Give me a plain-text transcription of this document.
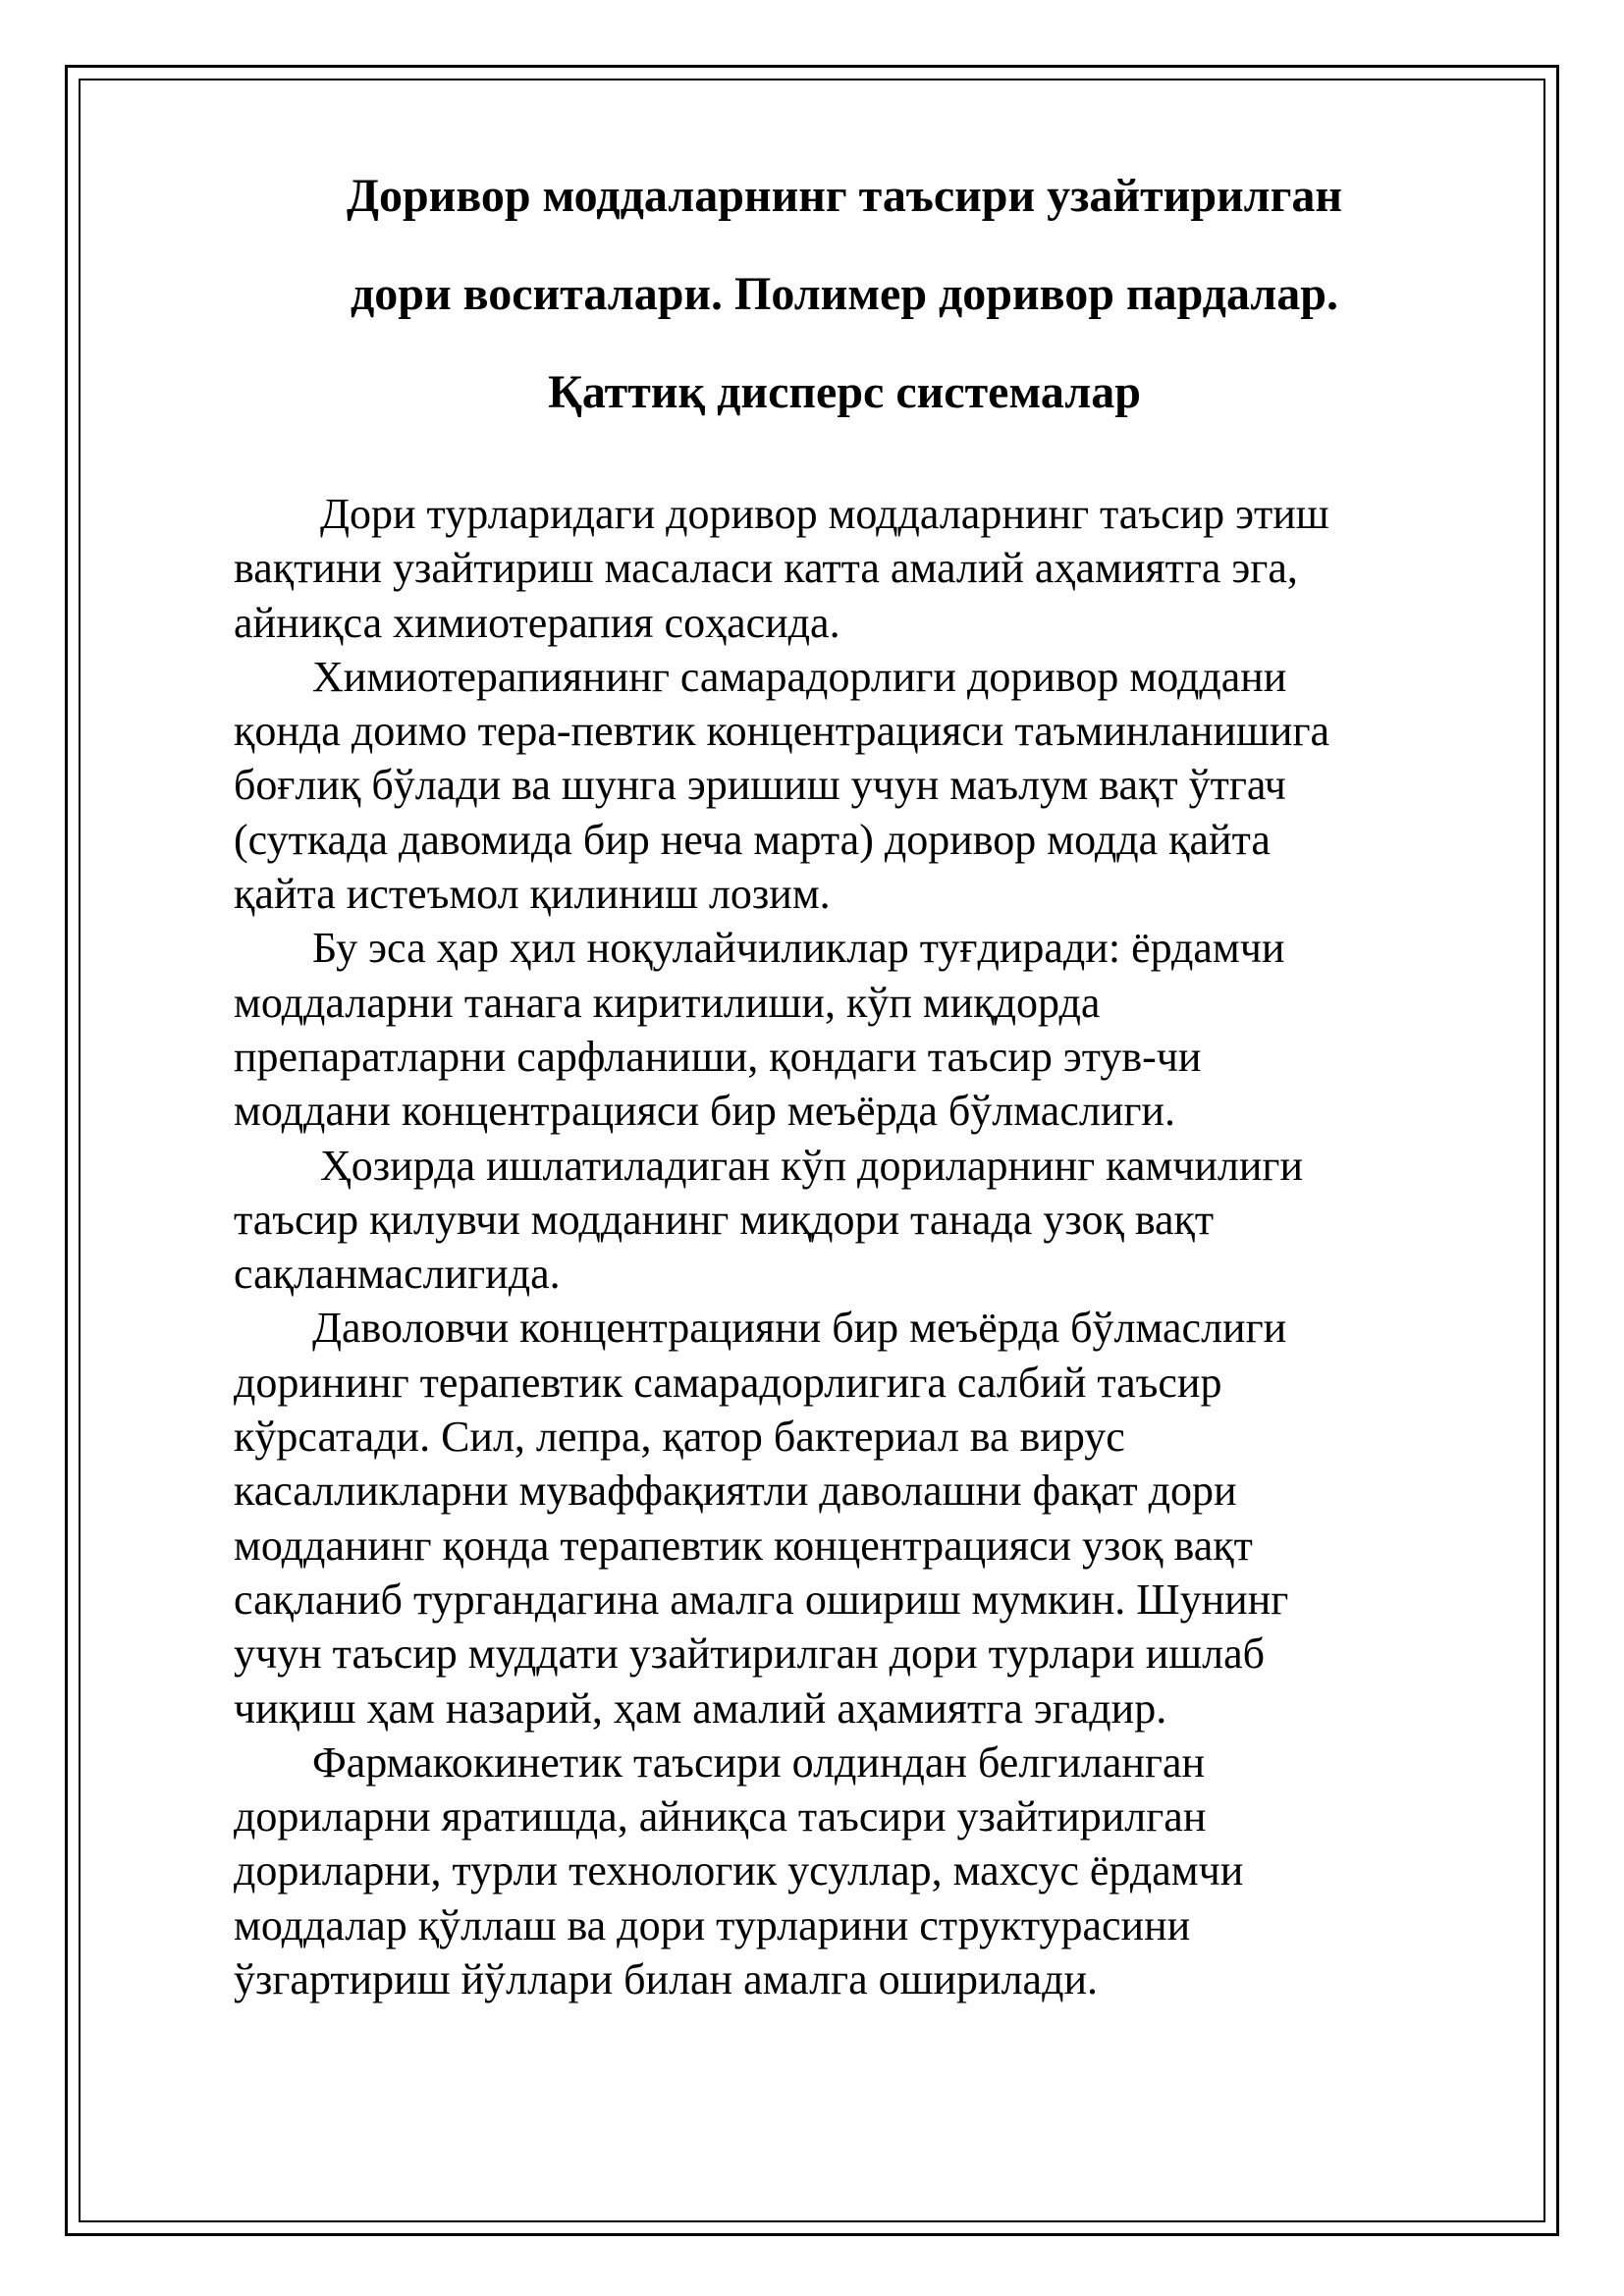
Доривор моддаларнинг таъсири узайтирилган
дори воситалари. Полимер доривор пардалар.
Қаттиқ дисперс системалар

Дори турларидаги доривор моддаларнинг таъсир этиш
вақтини узайтириш масаласи катта амалий аҳамиятга эга,
айниқса химиотерапия соҳасида.

Химиотерапиянинг самарадорлиги доривор моддани
қонда доимо тера-певтик концентрацияси таъминланишига
боғлиқ бўлади ва шунга эришиш учун маълум вақт ўтгач
(суткада давомида бир неча марта) доривор модда қайта
қайта истеъмол қилиниш лозим.

Бу эса ҳар ҳил ноқулайчиликлар туғдиради: ёрдамчи
моддаларни танага киритилиши, кўп миқдорда
препаратларни сарфланиши, қондаги таъсир этув-чи
моддани концентрацияси бир меъёрда бўлмаслиги.

Ҳозирда ишлатиладиган кўп дориларнинг камчилиги
таъсир қилувчи модданинг миқдори танада узоқ вақт
сақланмаслигида.

Даволовчи концентрацияни бир меъёрда бўлмаслиги
дорининг терапевтик самарадорлигига салбий таъсир
кўрсатади. Сил, лепра, қатор бактериал ва вирус
касалликларни муваффақиятли даволашни фақат дори
модданинг қонда терапевтик концентрацияси узоқ вақт
сақланиб тургандагина амалга ошириш мумкин. Шунинг
учун таъсир муддати узайтирилган дори турлари ишлаб
чиқиш ҳам назарий, ҳам амалий аҳамиятга эгадир.

Фармакокинетик таъсири олдиндан белгиланган
дориларни яратишда, айниқса таъсири узайтирилган
дориларни, турли технологик усуллар, махсус ёрдамчи
моддалар қўллаш ва дори турларини структурасини
ўзгартириш йўллари билан амалга оширилади.
